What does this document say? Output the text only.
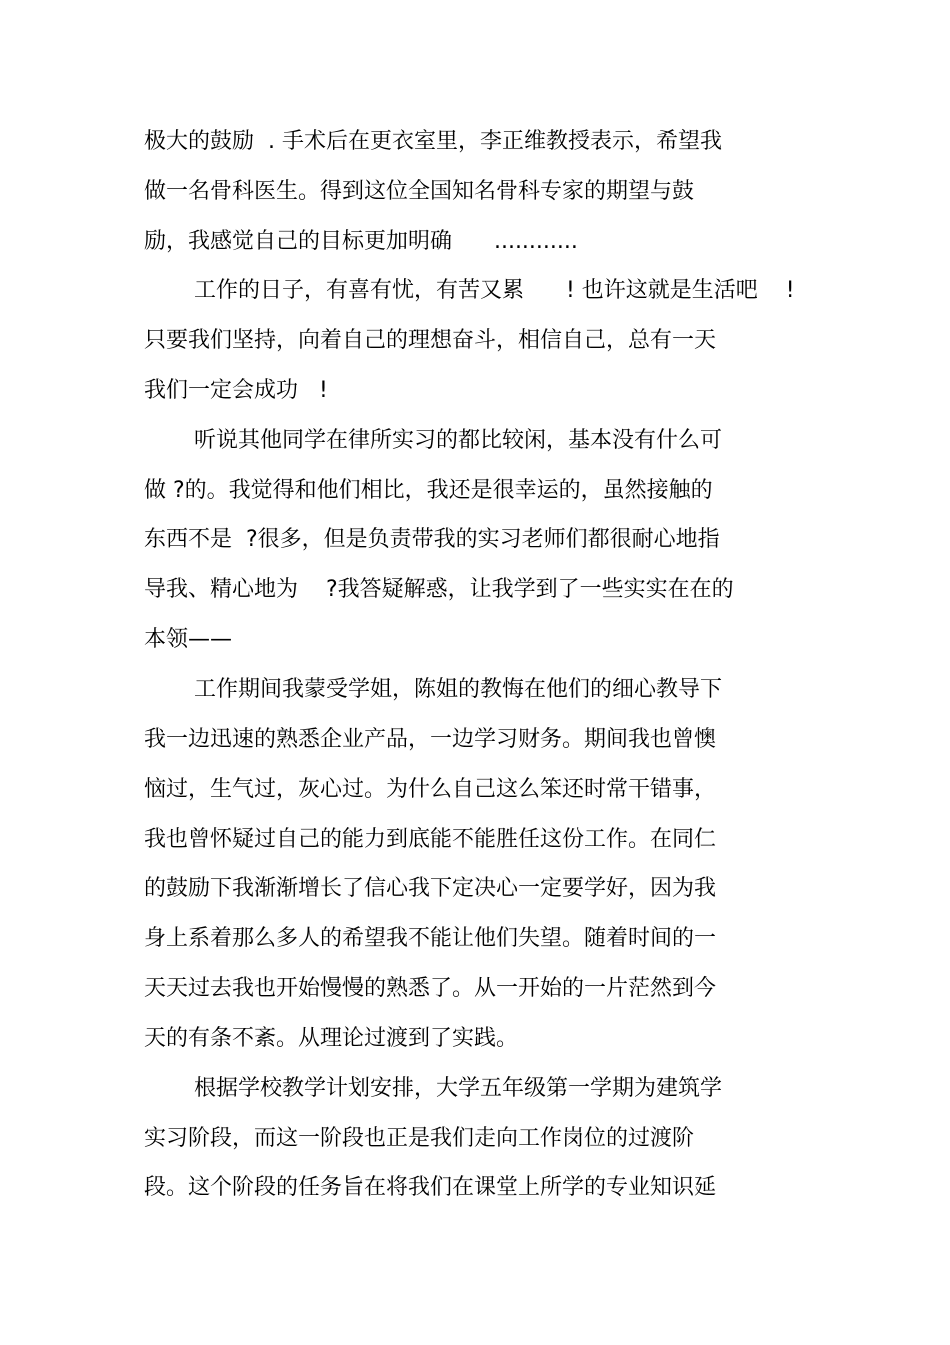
极大的鼓励  . 手术后在更衣室里，李正维教授表示，希望我
做一名骨科医生。得到这位全国知名骨科专家的期望与鼓
励，我感觉自己的目标更加明确      ............
工作的日子，有喜有忧，有苦又累      ! 也许这就是生活吧    !
只要我们坚持，向着自己的理想奋斗，相信自己，总有一天
我们一定会成功   !
听说其他同学在律所实习的都比较闲，基本没有什么可
做 ?的。我觉得和他们相比，我还是很幸运的，虽然接触的
东西不是  ?很多，但是负责带我的实习老师们都很耐心地指
导我、精心地为    ?我答疑解惑，让我学到了一些实实在在的
本领——
工作期间我蒙受学姐，陈姐的教悔在他们的细心教导下
我一边迅速的熟悉企业产品，一边学习财务。期间我也曾懊
恼过，生气过，灰心过。为什么自己这么笨还时常干错事，
我也曾怀疑过自己的能力到底能不能胜任这份工作。在同仁
的鼓励下我渐渐增长了信心我下定决心一定要学好，因为我
身上系着那么多人的希望我不能让他们失望。随着时间的一
天天过去我也开始慢慢的熟悉了。从一开始的一片茫然到今
天的有条不紊。从理论过渡到了实践。
根据学校教学计划安排，大学五年级第一学期为建筑学
实习阶段，而这一阶段也正是我们走向工作岗位的过渡阶
段。这个阶段的任务旨在将我们在课堂上所学的专业知识延
